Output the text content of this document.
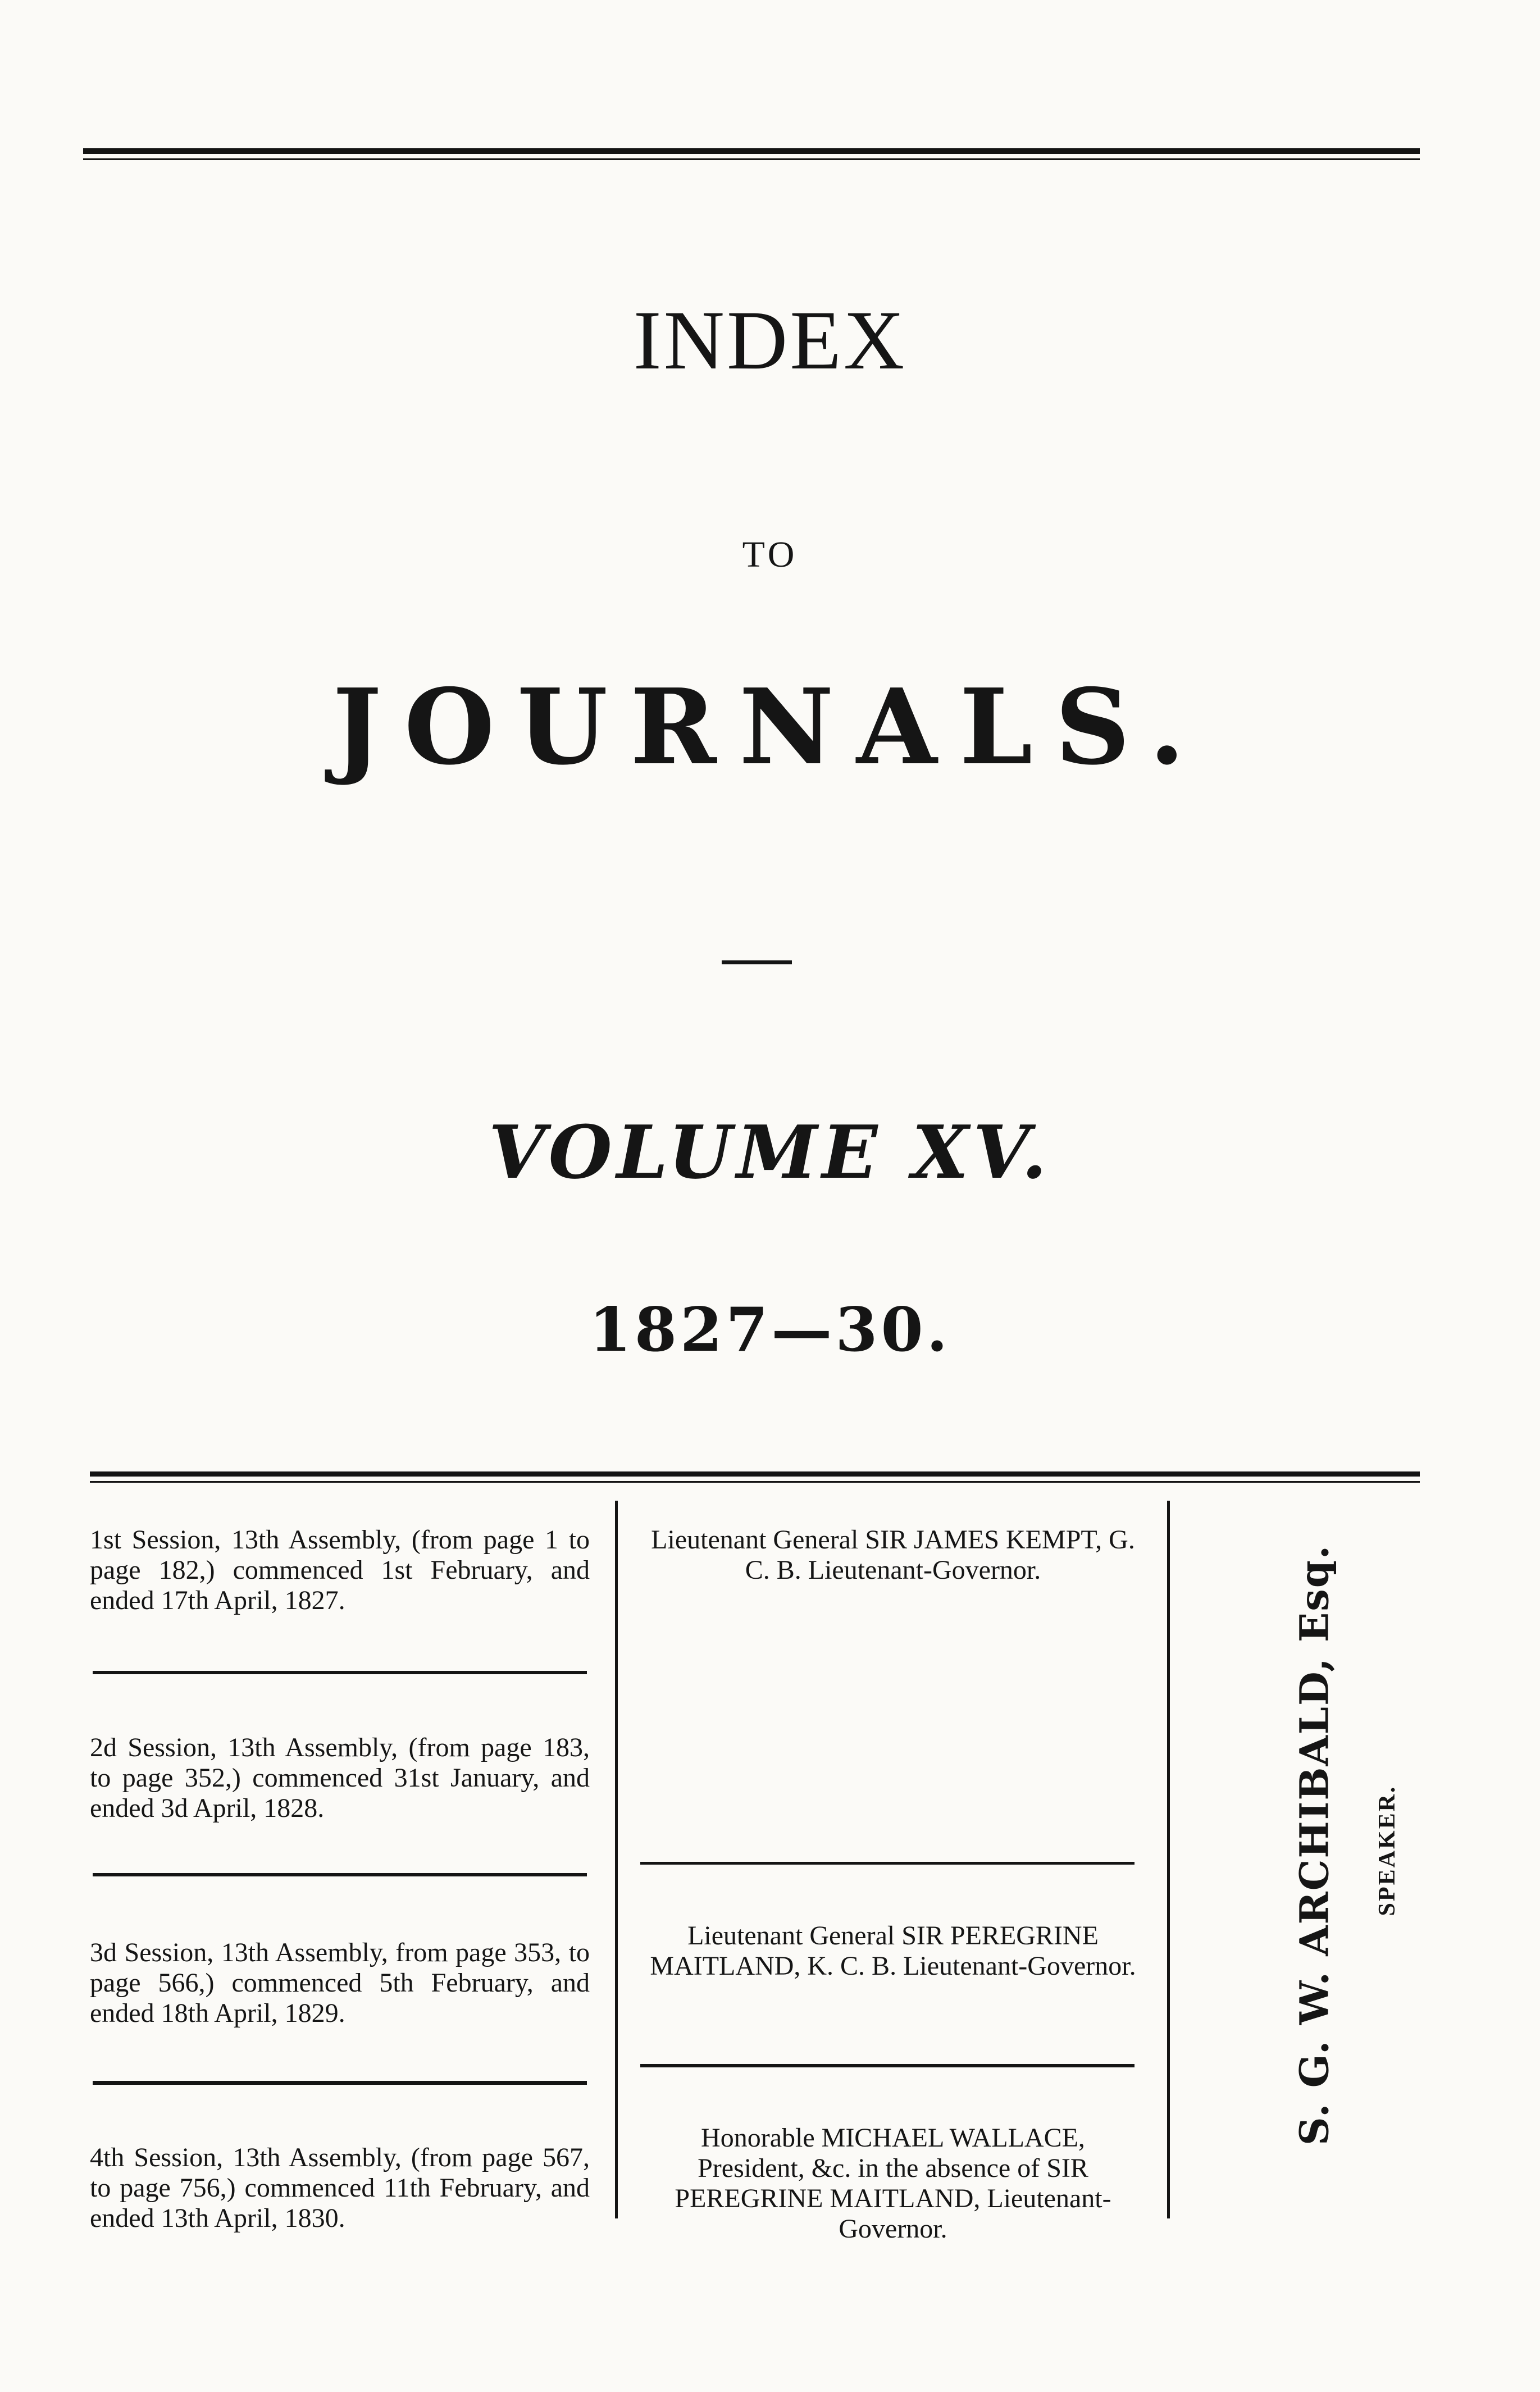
INDEX
TO
JOURNALS.
VOLUME XV.
1827—30.
1st Session, 13th Assembly, (from page 1 to page 182,) commenced 1st February, and ended 17th April, 1827.
2d Session, 13th Assembly, (from page 183, to page 352,) commenced 31st January, and ended 3d April, 1828.
3d Session, 13th Assembly, from page 353, to page 566,) commenced 5th February, and ended 18th April, 1829.
4th Session, 13th Assembly, (from page 567, to page 756,) commenced 11th February, and ended 13th April, 1830.
Lieutenant General SIR JAMES KEMPT, G. C. B. Lieutenant-Governor.
Lieutenant General SIR PEREGRINE MAITLAND, K. C. B. Lieutenant-Governor.
Honorable MICHAEL WALLACE, President, &c. in the absence of SIR PEREGRINE MAITLAND, Lieutenant-Governor.
S. G. W. ARCHIBALD, Esq. SPEAKER.
